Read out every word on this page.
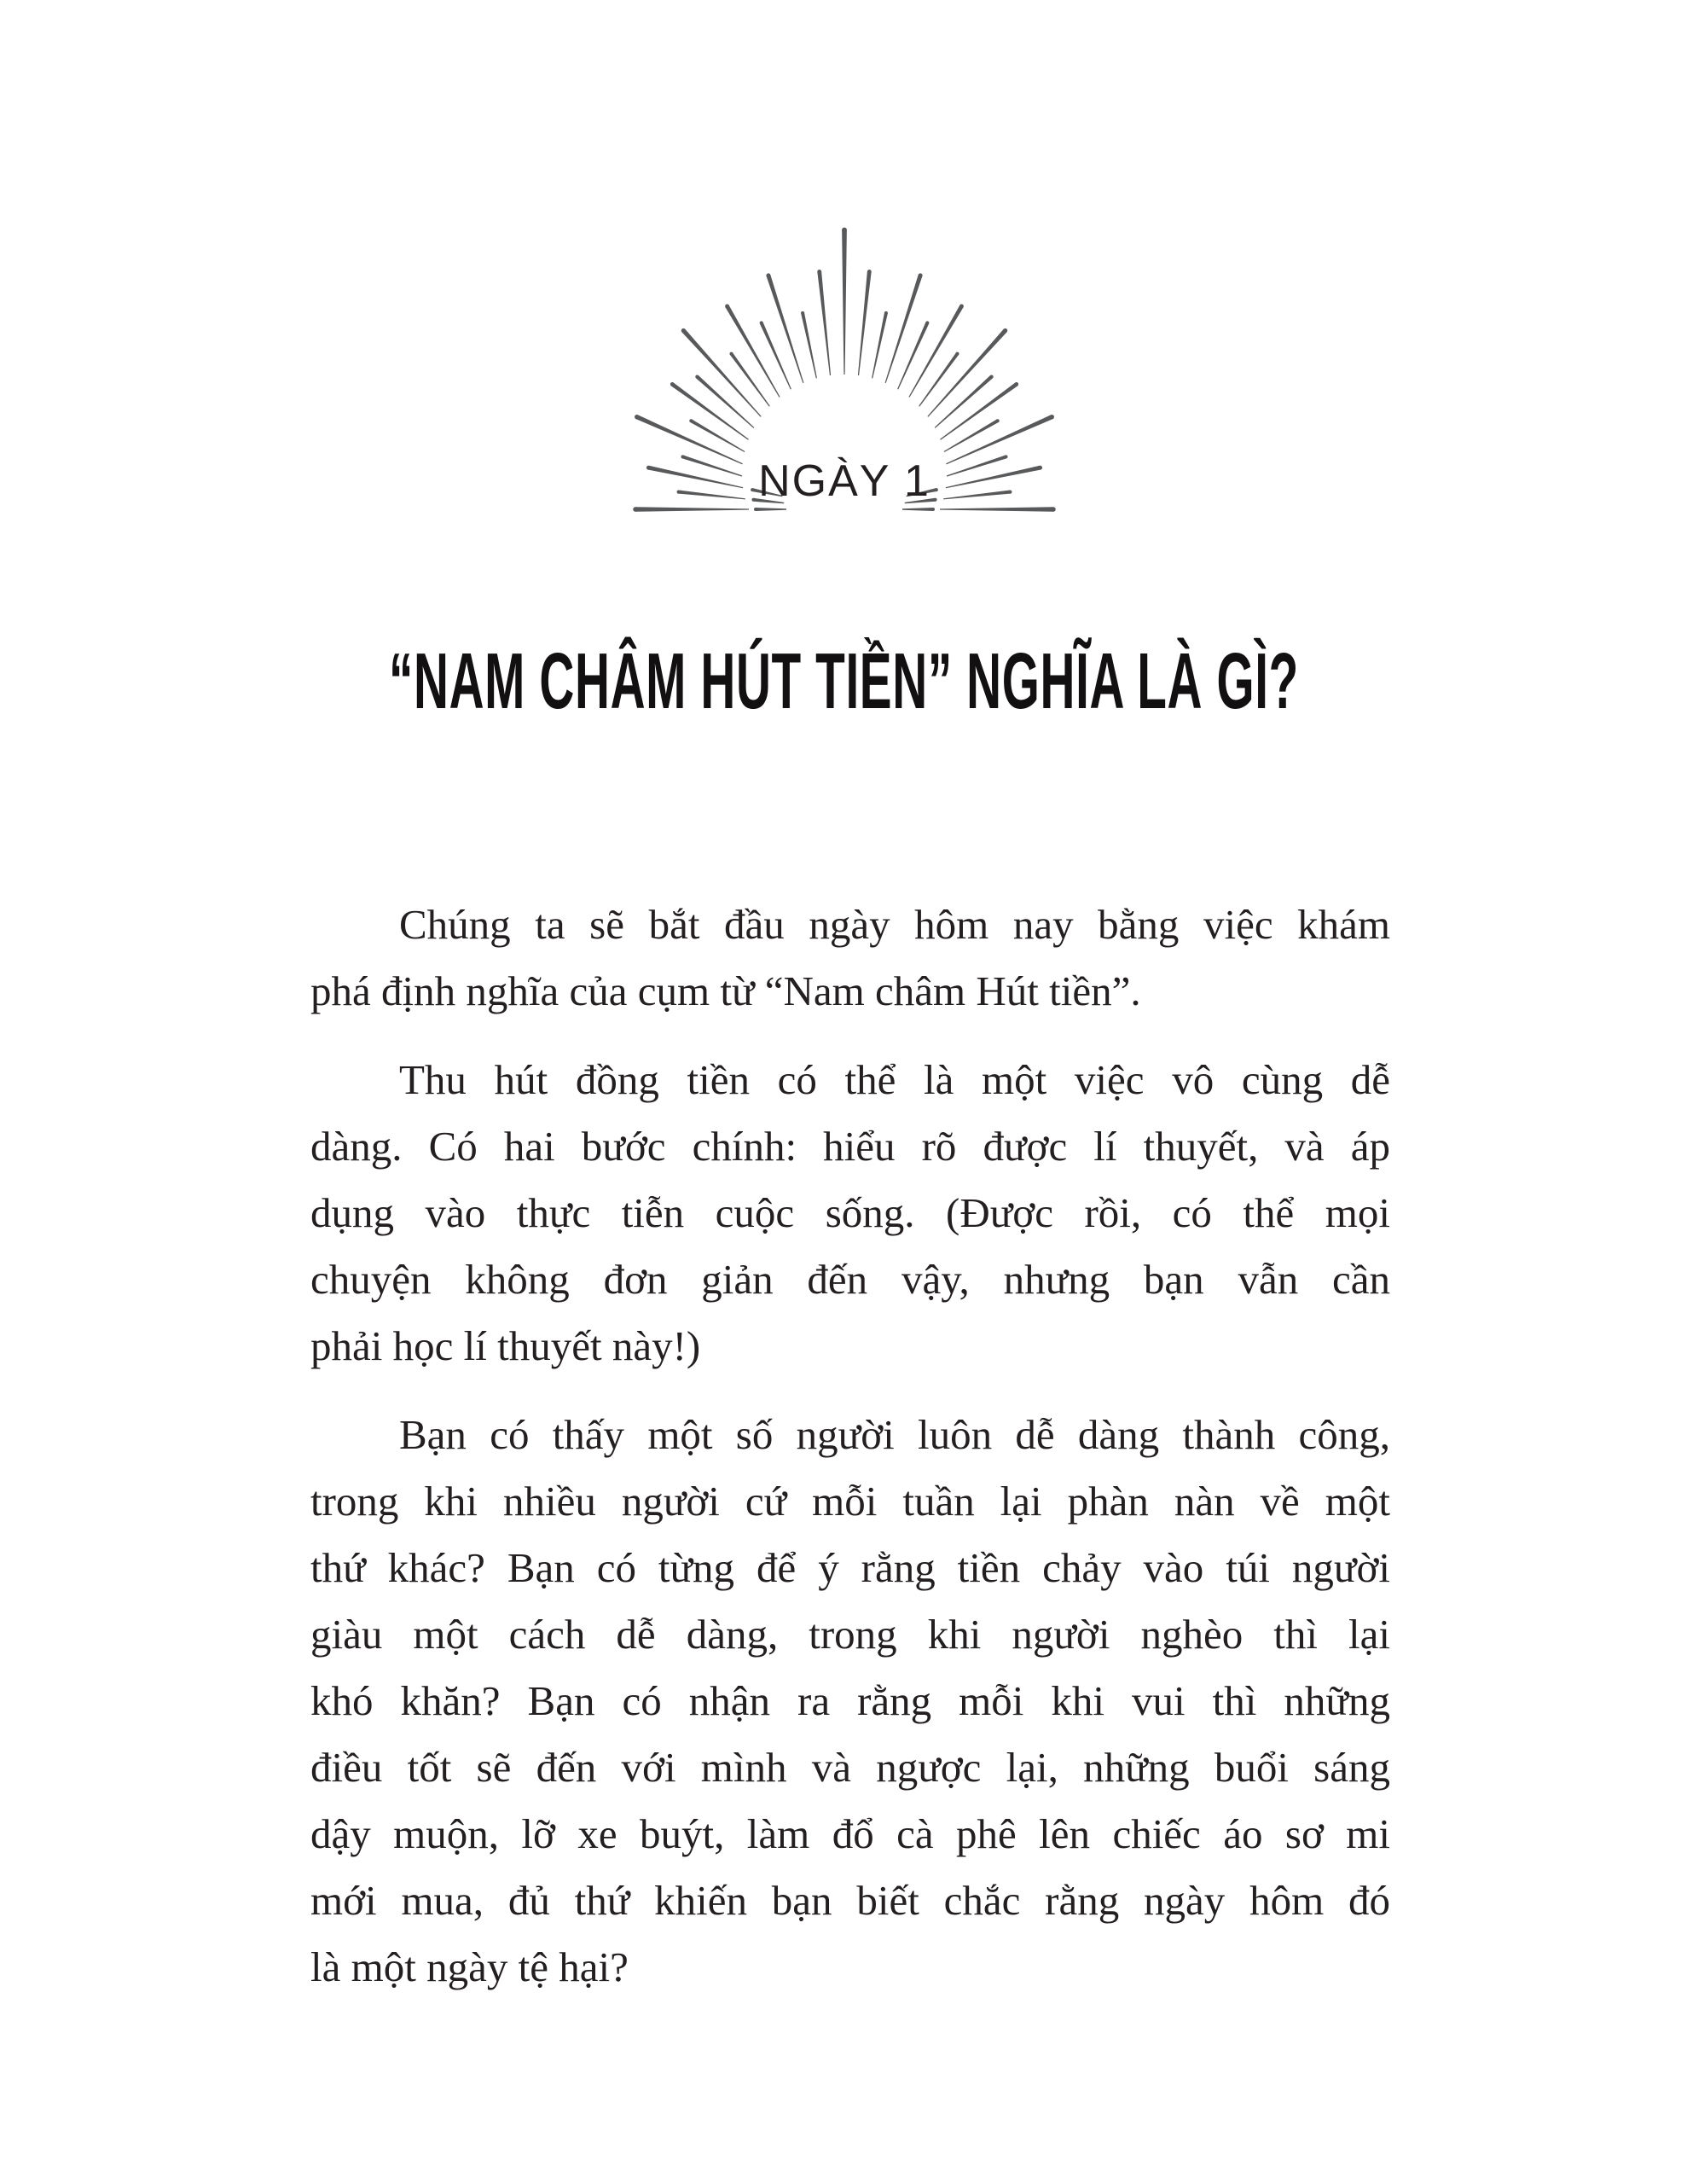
NGÀY 1
“NAM CHÂM HÚT TIỀN” NGHĨA LÀ GÌ?
Chúng ta sẽ bắt đầu ngày hôm nay bằng việc khám
phá định nghĩa của cụm từ “Nam châm Hút tiền”.
Thu hút đồng tiền có thể là một việc vô cùng dễ
dàng. Có hai bước chính: hiểu rõ được lí thuyết, và áp
dụng vào thực tiễn cuộc sống. (Được rồi, có thể mọi
chuyện không đơn giản đến vậy, nhưng bạn vẫn cần
phải học lí thuyết này!)
Bạn có thấy một số người luôn dễ dàng thành công,
trong khi nhiều người cứ mỗi tuần lại phàn nàn về một
thứ khác? Bạn có từng để ý rằng tiền chảy vào túi người
giàu một cách dễ dàng, trong khi người nghèo thì lại
khó khăn? Bạn có nhận ra rằng mỗi khi vui thì những
điều tốt sẽ đến với mình và ngược lại, những buổi sáng
dậy muộn, lỡ xe buýt, làm đổ cà phê lên chiếc áo sơ mi
mới mua, đủ thứ khiến bạn biết chắc rằng ngày hôm đó
là một ngày tệ hại?
